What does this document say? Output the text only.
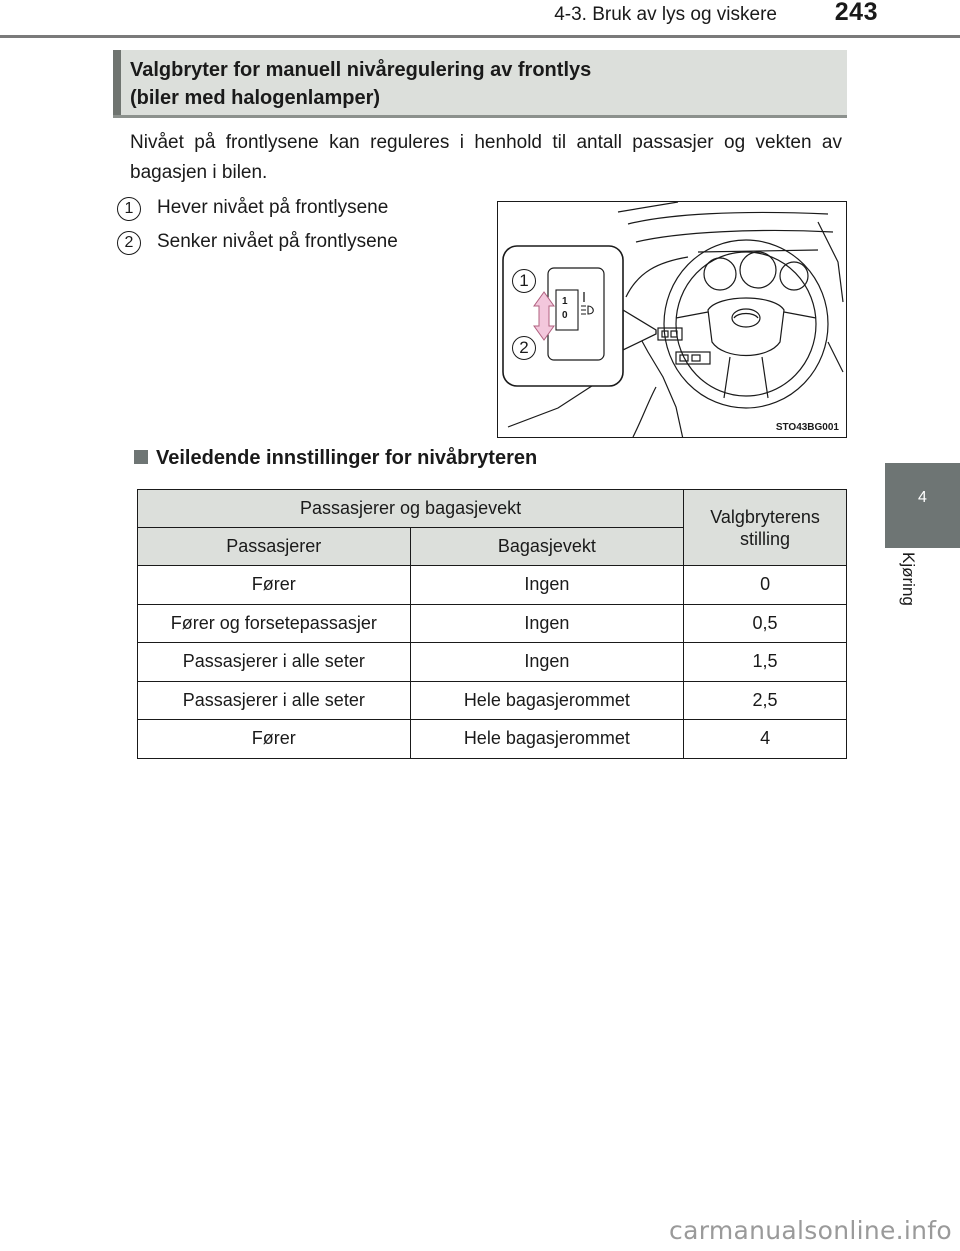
4-3. Bruk av lys og viskere 243
4
Kjøring
Valgbryter for manuell nivåregulering av frontlys
(biler med halogenlamper)

Nivået på frontlysene kan reguleres i henhold til antall passasjer og vekten av bagasjen i bilen.

1	Hever nivået på frontlysene
2	Senker nivået på frontlysene
1
0
1
2
STO43BG001
Veiledende innstillinger for nivåbryteren
Passasjerer og bagasjevekt		Valgbryterens stilling
Passasjerer	Bagasjevekt	
Fører	Ingen	0
Fører og forsetepassasjer	Ingen	0,5
Passasjerer i alle seter	Ingen	1,5
Passasjerer i alle seter	Hele bagasjerommet	2,5
Fører	Hele bagasjerommet	4
carmanualsonline.info
